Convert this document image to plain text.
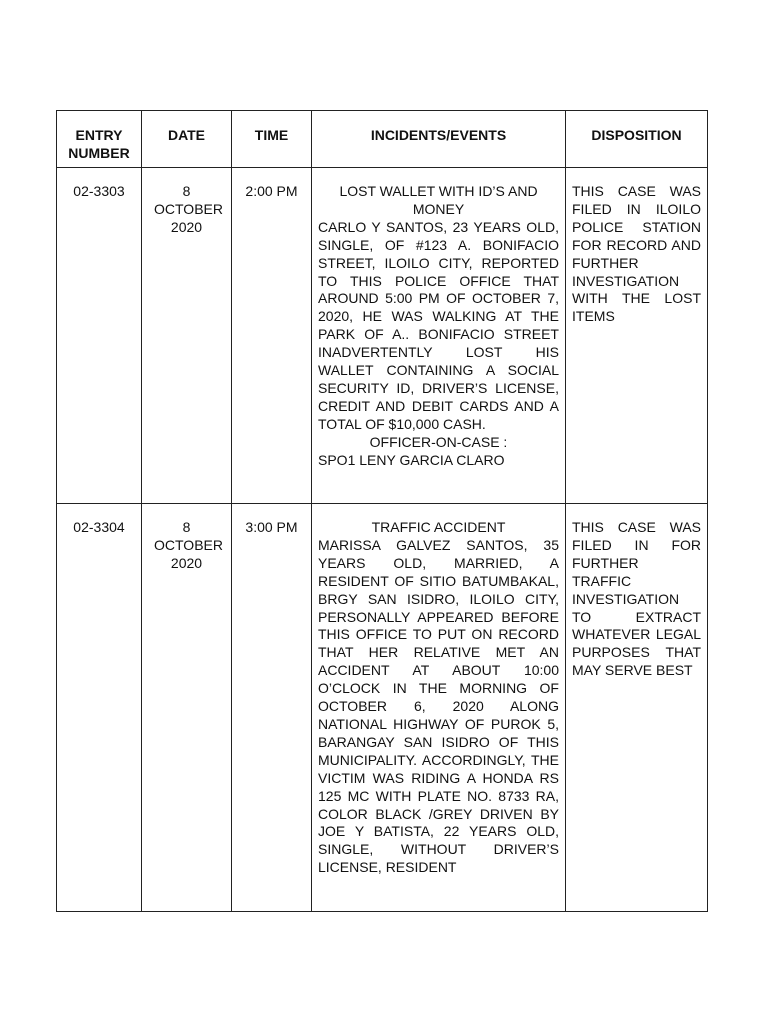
ENTRY NUMBER	DATE	TIME	INCIDENTS/EVENTS	DISPOSITION
02-3303	8 OCTOBER 2020	2:00 PM	LOST WALLET WITH ID’S AND MONEY
CARLO Y SANTOS, 23 YEARS OLD, SINGLE, OF #123 A. BONIFACIO STREET, ILOILO CITY, REPORTED TO THIS POLICE OFFICE THAT AROUND 5:00 PM OF OCTOBER 7, 2020, HE WAS WALKING AT THE PARK OF A.. BONIFACIO STREET INADVERTENTLY LOST HIS WALLET CONTAINING A SOCIAL SECURITY ID, DRIVER’S LICENSE, CREDIT AND DEBIT CARDS AND A TOTAL OF $10,000 CASH.
OFFICER-ON-CASE :
SPO1 LENY GARCIA CLARO	THIS CASE WAS FILED IN ILOILO POLICE STATION FOR RECORD AND FURTHER INVESTIGATION WITH THE LOST ITEMS

02-3304	8 OCTOBER 2020	3:00 PM	TRAFFIC ACCIDENT
MARISSA GALVEZ SANTOS, 35 YEARS OLD, MARRIED, A RESIDENT OF SITIO BATUMBAKAL, BRGY SAN ISIDRO, ILOILO CITY, PERSONALLY APPEARED BEFORE THIS OFFICE TO PUT ON RECORD THAT HER RELATIVE MET AN ACCIDENT AT ABOUT 10:00 O’CLOCK IN THE MORNING OF OCTOBER 6, 2020 ALONG NATIONAL HIGHWAY OF PUROK 5, BARANGAY SAN ISIDRO OF THIS MUNICIPALITY. ACCORDINGLY, THE VICTIM WAS RIDING A HONDA RS 125 MC WITH PLATE NO. 8733 RA, COLOR BLACK /GREY DRIVEN BY JOE Y BATISTA, 22 YEARS OLD, SINGLE, WITHOUT DRIVER’S LICENSE, RESIDENT	THIS CASE WAS FILED IN FOR FURTHER TRAFFIC INVESTIGATION TO EXTRACT WHATEVER LEGAL PURPOSES THAT MAY SERVE BEST
